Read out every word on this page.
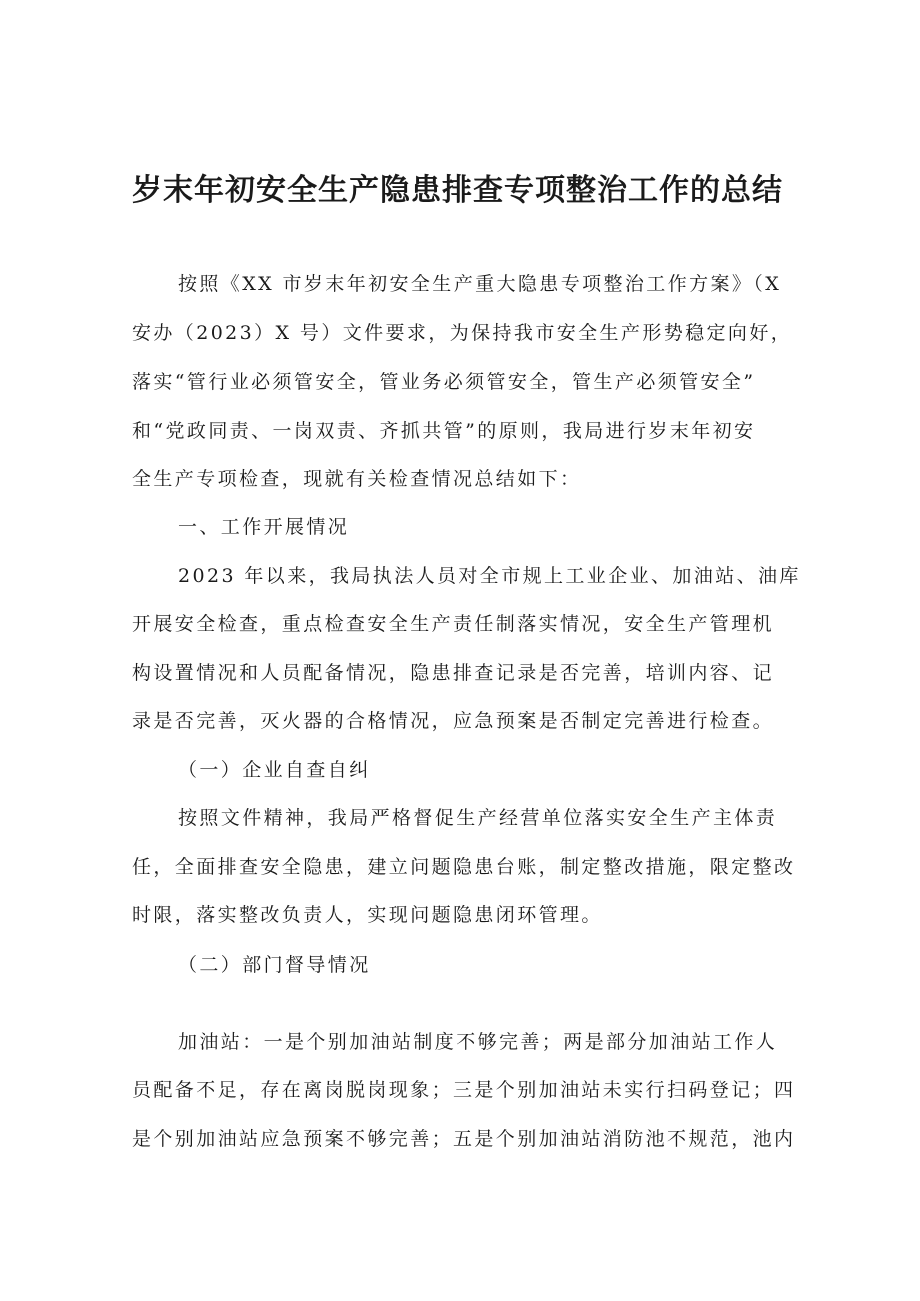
岁末年初安全生产隐患排查专项整治工作的总结
按照《XX 市岁末年初安全生产重大隐患专项整治工作方案》（X
安办（2023）X 号）文件要求，为保持我市安全生产形势稳定向好，
落实“管行业必须管安全，管业务必须管安全，管生产必须管安全”
和“党政同责、一岗双责、齐抓共管”的原则，我局进行岁末年初安
全生产专项检查，现就有关检查情况总结如下：
一、工作开展情况
2023 年以来，我局执法人员对全市规上工业企业、加油站、油库
开展安全检查，重点检查安全生产责任制落实情况，安全生产管理机
构设置情况和人员配备情况，隐患排查记录是否完善，培训内容、记
录是否完善，灭火器的合格情况，应急预案是否制定完善进行检查。
（一）企业自查自纠
按照文件精神，我局严格督促生产经营单位落实安全生产主体责
任，全面排查安全隐患，建立问题隐患台账，制定整改措施，限定整改
时限，落实整改负责人，实现问题隐患闭环管理。
（二）部门督导情况
加油站：一是个别加油站制度不够完善；两是部分加油站工作人
员配备不足，存在离岗脱岗现象；三是个别加油站未实行扫码登记；四
是个别加油站应急预案不够完善；五是个别加油站消防池不规范，池内
